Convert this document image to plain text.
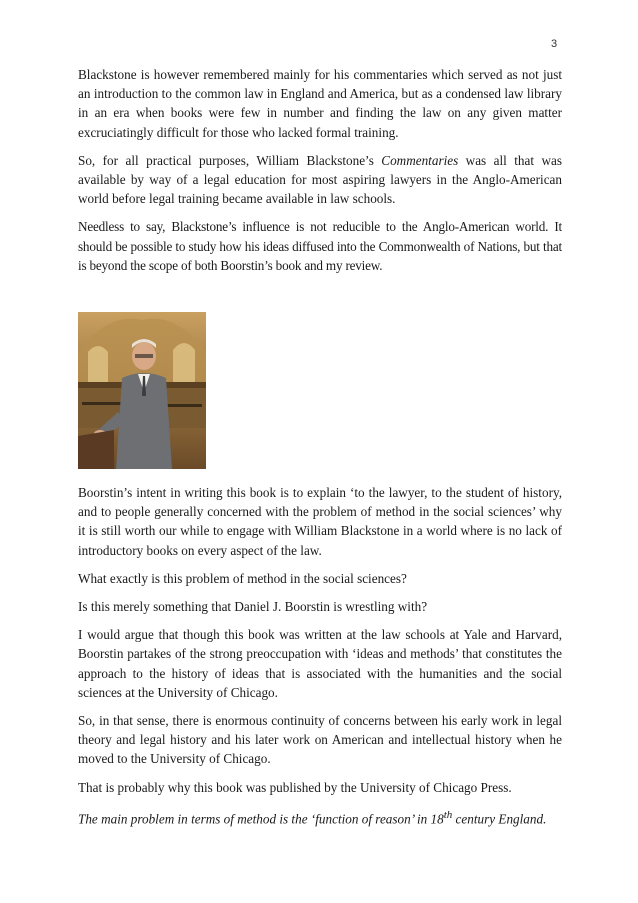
3

Blackstone is however remembered mainly for his commentaries which served as not just an introduction to the common law in England and America, but as a condensed law library in an era when books were few in number and finding the law on any given matter excruciatingly difficult for those who lacked formal training.

So, for all practical purposes, William Blackstone’s Commentaries was all that was available by way of a legal education for most aspiring lawyers in the Anglo-American world before legal training became available in law schools.

Needless to say, Blackstone’s influence is not reducible to the Anglo-American world. It should be possible to study how his ideas diffused into the Commonwealth of Nations, but that is beyond the scope of both Boorstin’s book and my review.

Boorstin’s intent in writing this book is to explain ‘to the lawyer, to the student of history, and to people generally concerned with the problem of method in the social sciences’ why it is still worth our while to engage with William Blackstone in a world where is no lack of introductory books on every aspect of the law.

What exactly is this problem of method in the social sciences?

Is this merely something that Daniel J. Boorstin is wrestling with?

I would argue that though this book was written at the law schools at Yale and Harvard, Boorstin partakes of the strong preoccupation with ‘ideas and methods’ that constitutes the approach to the history of ideas that is associated with the humanities and the social sciences at the University of Chicago.

So, in that sense, there is enormous continuity of concerns between his early work in legal theory and legal history and his later work on American and intellectual history when he moved to the University of Chicago.

That is probably why this book was published by the University of Chicago Press.

The main problem in terms of method is the ‘function of reason’ in 18th century England.
